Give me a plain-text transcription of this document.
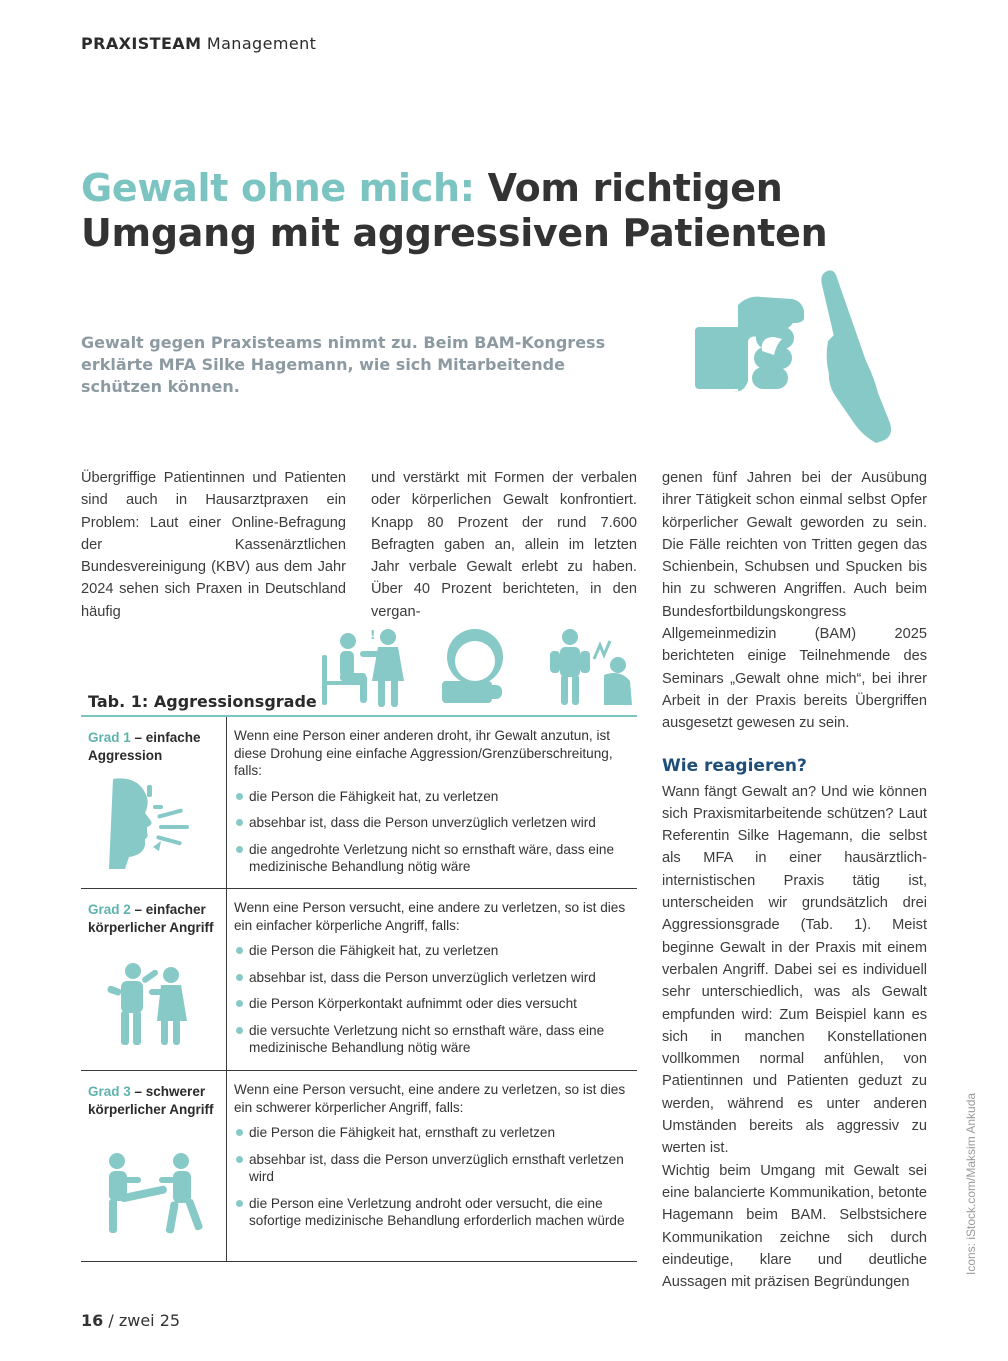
PRAXISTEAM Management
Gewalt ohne mich: Vom richtigen Umgang mit aggressiven Patienten
Gewalt gegen Praxisteams nimmt zu. Beim BAM-Kongress erklärte MFA Silke Hagemann, wie sich Mitarbeitende schützen können.

Übergriffige Patientinnen und Patienten sind auch in Hausarztpraxen ein Problem: Laut einer Online-Befragung der Kassenärztlichen Bundesvereinigung (KBV) aus dem Jahr 2024 sehen sich Praxen in Deutschland häufig

und verstärkt mit Formen der verbalen oder körperlichen Gewalt konfrontiert. Knapp 80 Prozent der rund 7.600 Befragten gaben an, allein im letzten Jahr verbale Gewalt erlebt zu haben. Über 40 Prozent berichteten, in den vergan-

genen fünf Jahren bei der Ausübung ihrer Tätigkeit schon einmal selbst Opfer körperlicher Gewalt geworden zu sein. Die Fälle reichten von Tritten gegen das Schienbein, Schubsen und Spucken bis hin zu schweren Angriffen. Auch beim Bundesfortbildungskongress Allgemeinmedizin (BAM) 2025 berichteten einige Teilnehmende des Seminars „Gewalt ohne mich“, bei ihrer Arbeit in der Praxis bereits Übergriffen ausgesetzt gewesen zu sein.

Wie reagieren?

Wann fängt Gewalt an? Und wie können sich Praxismitarbeitende schützen? Laut Referentin Silke Hagemann, die selbst als MFA in einer hausärztlich-internistischen Praxis tätig ist, unterscheiden wir grundsätzlich drei Aggressionsgrade (Tab. 1). Meist beginne Gewalt in der Praxis mit einem verbalen Angriff. Dabei sei es individuell sehr unterschiedlich, was als Gewalt empfunden wird: Zum Beispiel kann es sich in manchen Konstellationen vollkommen normal anfühlen, von Patientinnen und Patienten geduzt zu werden, während es unter anderen Umständen bereits als aggressiv zu werten ist.

Wichtig beim Umgang mit Gewalt sei eine balancierte Kommunikation, betonte Hagemann beim BAM. Selbstsichere Kommunikation zeichne sich durch eindeutige, klare und deutliche Aussagen mit präzisen Begründungen

Icons: iStock.com/Maksim Ankuda
!
Tab. 1: Aggressionsgrade
Grad 1 – einfache Aggression

Wenn eine Person einer anderen droht, ihr Gewalt anzutun, ist diese Drohung eine einfache Aggression/Grenzüberschreitung, falls:

die Person die Fähigkeit hat, zu verletzen
absehbar ist, dass die Person unverzüglich verletzen wird
die angedrohte Verletzung nicht so ernsthaft wäre, dass eine medizinische Behandlung nötig wäre
Grad 2 – einfacher körperlicher Angriff

Wenn eine Person versucht, eine andere zu verletzen, so ist dies ein einfacher körperliche Angriff, falls:

die Person die Fähigkeit hat, zu verletzen
absehbar ist, dass die Person unverzüglich verletzen wird
die Person Körperkontakt aufnimmt oder dies versucht
die versuchte Verletzung nicht so ernsthaft wäre, dass eine medizinische Behandlung nötig wäre
Grad 3 – schwerer körperlicher Angriff

Wenn eine Person versucht, eine andere zu verletzen, so ist dies ein schwerer körperlicher Angriff, falls:

die Person die Fähigkeit hat, ernsthaft zu verletzen
absehbar ist, dass die Person unverzüglich ernsthaft verletzen wird
die Person eine Verletzung androht oder versucht, die eine sofortige medizinische Behandlung erforderlich machen würde
16 / zwei 25
